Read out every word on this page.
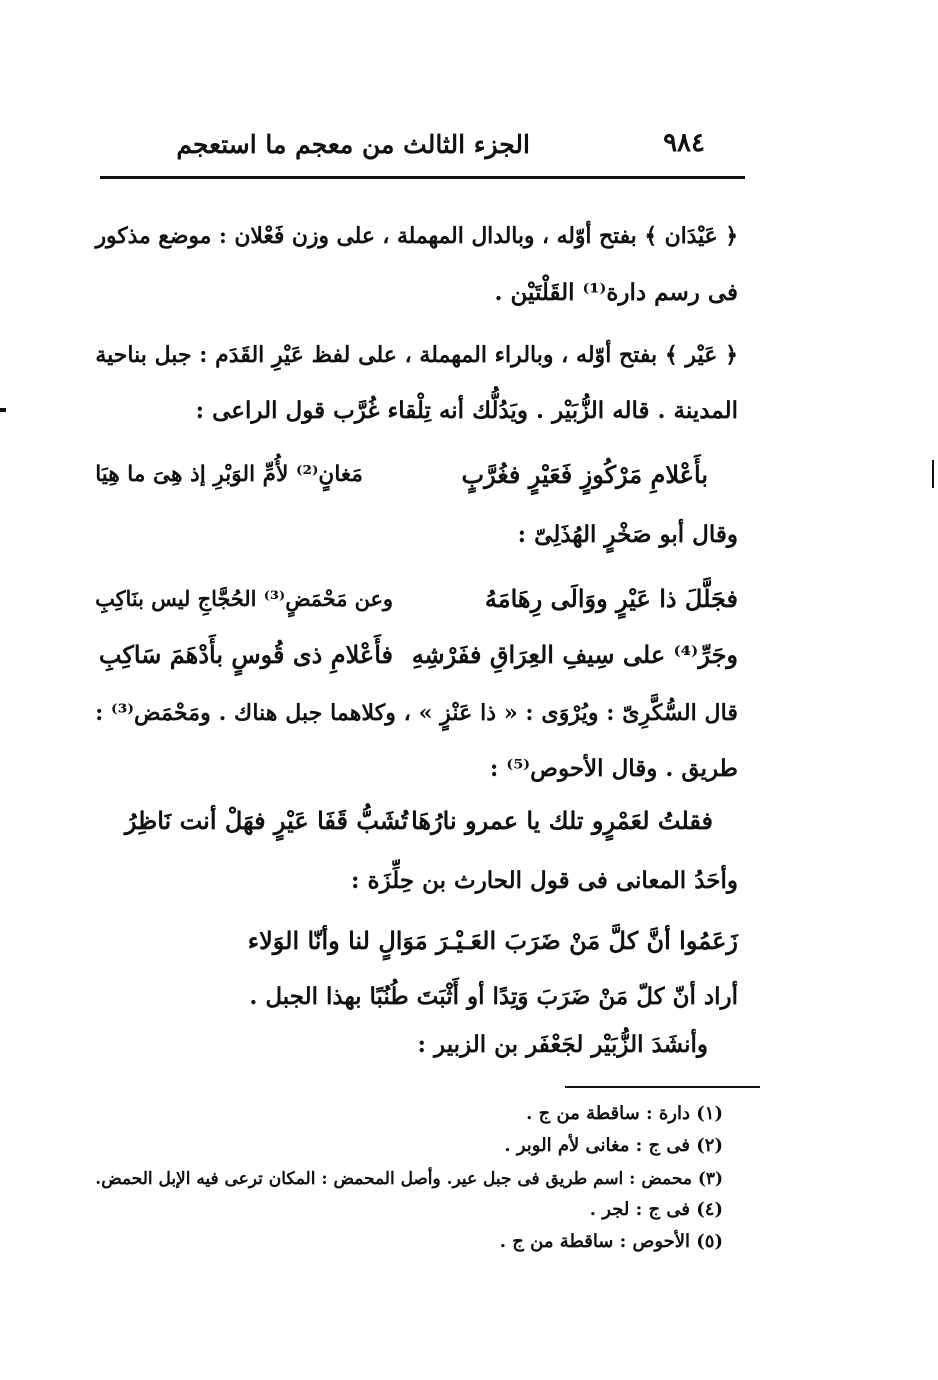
٩٨٤
الجزء الثالث من معجم ما استعجم
﴿ عَيْدَان ﴾ بفتح أوّله ، وبالدال المهملة ، على وزن فَعْلان : موضع مذكور
فى رسم دارة⁽¹⁾ القَلْتَيْن .
﴿ عَيْر ﴾ بفتح أوّله ، وبالراء المهملة ، على لفظ عَيْرِ القَدَم : جبل بناحية
المدينة . قاله الزُّبَيْر . ويَدُلُّك أنه تِلْقاء غُرَّب قول الراعى :
بأَعْلامِ مَرْكُوزٍ فَعَيْرٍ فغُرَّبٍ
مَغانٍ⁽²⁾ لأُمِّ الوَبْرِ إذ هِىَ ما هِيَا
وقال أبو صَخْرٍ الهُذَلِىّ :
فجَلَّلَ ذا عَيْرٍ ووَالَى رِهَامَهُ
وعن مَحْمَضٍ⁽³⁾ الحُجَّاجِ ليس بنَاكِبِ
وجَرِّ⁽⁴⁾ على سِيفِ العِرَاقِ ففَرْشِهِ
فأَعْلامِ ذى قُوسٍ بأَدْهَمَ سَاكِبِ
قال السُّكَّرِىّ : ويُرْوَى : « ذا عَنْزٍ » ، وكلاهما جبل هناك . ومَحْمَض⁽³⁾ :
طريق . وقال الأحوص⁽⁵⁾ :
فقلتُ لعَمْرٍو تلك يا عمرو نارُهَا
تُشَبُّ قَفَا عَيْرٍ فهَلْ أنت نَاظِرُ
وأحَدُ المعانى فى قول الحارث بن حِلِّزَة :
زَعَمُوا أنَّ كلَّ مَنْ ضَرَبَ العَـيْـرَ مَوَالٍ لنا وأنّا الوَلاء
أراد أنّ كلّ مَنْ ضَرَبَ وَتِدًا أو أَثْبَتَ طُنُبًا بهذا الجبل .
وأنشَدَ الزُّبَيْر لجَعْفَر بن الزبير :
(١) دارة : ساقطة من ج .
(٢) فى ج : مغانى لأم الوبر .
(٣) محمض : اسم طريق فى جبل عير. وأصل المحمض : المكان ترعى فيه الإبل الحمض.
(٤) فى ج : لجر .
(٥) الأحوص : ساقطة من ج .
